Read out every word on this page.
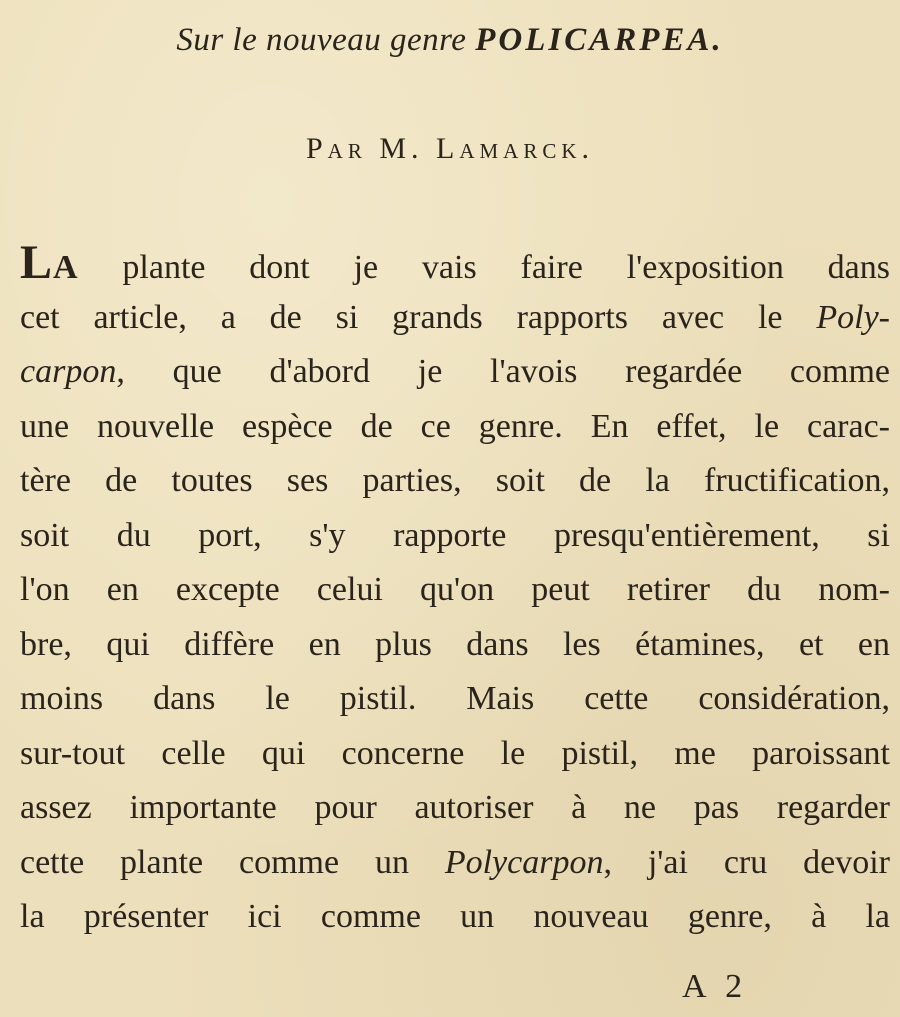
Sur le nouveau genre POLICARPEA.
Par M. Lamarck.
La plante dont je vais faire l'exposition dans
cet article, a de si grands rapports avec le Poly-
carpon, que d'abord je l'avois regardée comme
une nouvelle espèce de ce genre. En effet, le carac-
tère de toutes ses parties, soit de la fructification,
soit du port, s'y rapporte presqu'entièrement, si
l'on en excepte celui qu'on peut retirer du nom-
bre, qui diffère en plus dans les étamines, et en
moins dans le pistil. Mais cette considération,
sur-tout celle qui concerne le pistil, me paroissant
assez importante pour autoriser à ne pas regarder
cette plante comme un Polycarpon, j'ai cru devoir
la présenter ici comme un nouveau genre, à la
A 2
